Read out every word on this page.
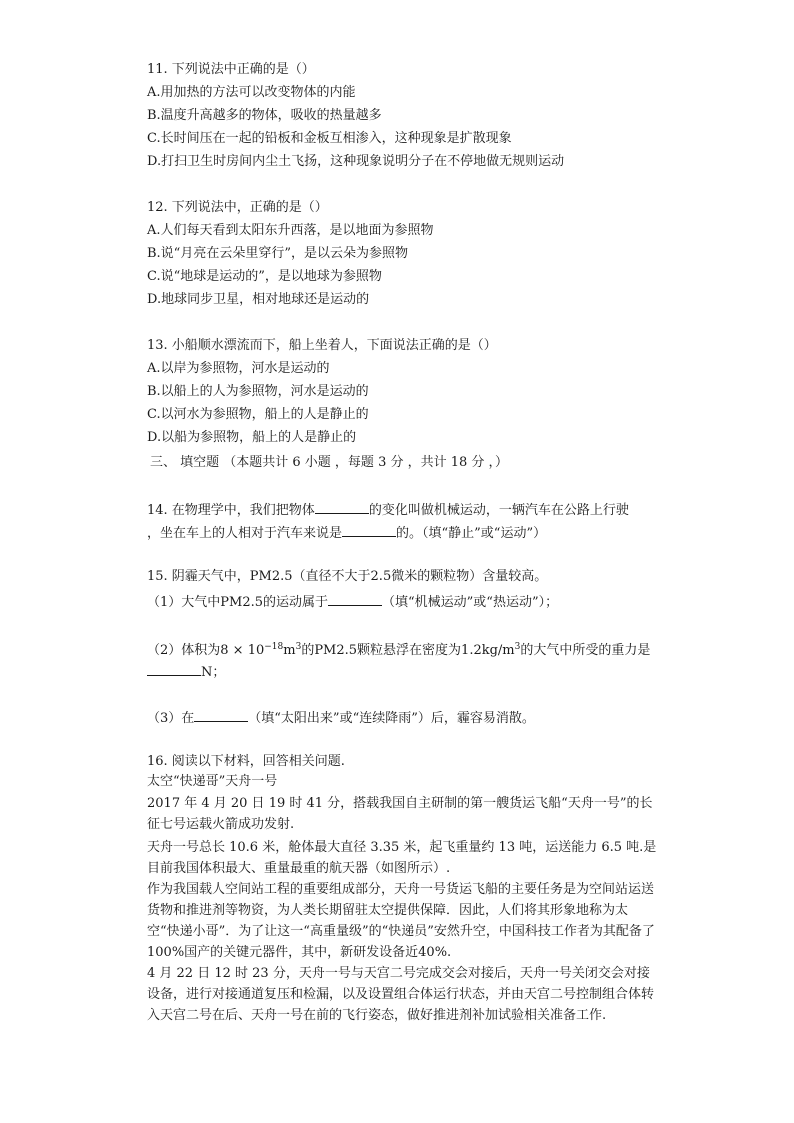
11. 下列说法中正确的是（）
A.用加热的方法可以改变物体的内能
B.温度升高越多的物体，吸收的热量越多
C.长时间压在一起的铅板和金板互相渗入，这种现象是扩散现象
D.打扫卫生时房间内尘土飞扬，这种现象说明分子在不停地做无规则运动
12. 下列说法中，正确的是（）
A.人们每天看到太阳东升西落，是以地面为参照物
B.说“月亮在云朵里穿行”，是以云朵为参照物
C.说“地球是运动的”，是以地球为参照物
D.地球同步卫星，相对地球还是运动的
13. 小船顺水漂流而下，船上坐着人，下面说法正确的是（）
A.以岸为参照物，河水是运动的
B.以船上的人为参照物，河水是运动的
C.以河水为参照物，船上的人是静止的
D.以船为参照物，船上的人是静止的
三、 填空题 （本题共计 6 小题 ，每题 3 分 ，共计 18 分 ，）
14. 在物理学中，我们把物体	的变化叫做机械运动，一辆汽车在公路上行驶
，坐在车上的人相对于汽车来说是	的。（填“静止”或“运动”）
15. 阴霾天气中，PM2.5（直径不大于2.5微米的颗粒物）含量较高。
（1）大气中PM2.5的运动属于	（填“机械运动”或“热运动”）；
（2）体积为$8 \times 10^{-18}m^3$的PM2.5颗粒悬浮在密度为$1.2kg/m^3$的大气中所受的重力是
N；
（3）在	（填“太阳出来”或“连续降雨”）后，霾容易消散。
16. 阅读以下材料，回答相关问题.
太空“快递哥”天舟一号
2017 年 4 月 20 日 19 时 41 分，搭载我国自主研制的第一艘货运飞船“天舟一号”的长征七号运载火箭成功发射.
天舟一号总长 10.6 米，舱体最大直径 3.35 米，起飞重量约 13 吨，运送能力 6.5 吨.是目前我国体积最大、重量最重的航天器（如图所示）.
作为我国载人空间站工程的重要组成部分，天舟一号货运飞船的主要任务是为空间站运送货物和推进剂等物资，为人类长期留驻太空提供保障．因此，人们将其形象地称为太空“快递小哥”．为了让这一“高重量级”的“快递员”安然升空，中国科技工作者为其配备了100%国产的关键元器件，其中，新研发设备近40%.
4 月 22 日 12 时 23 分，天舟一号与天宫二号完成交会对接后，天舟一号关闭交会对接设备，进行对接通道复压和检漏，以及设置组合体运行状态，并由天宫二号控制组合体转入天宫二号在后、天舟一号在前的飞行姿态，做好推进剂补加试验相关准备工作.
